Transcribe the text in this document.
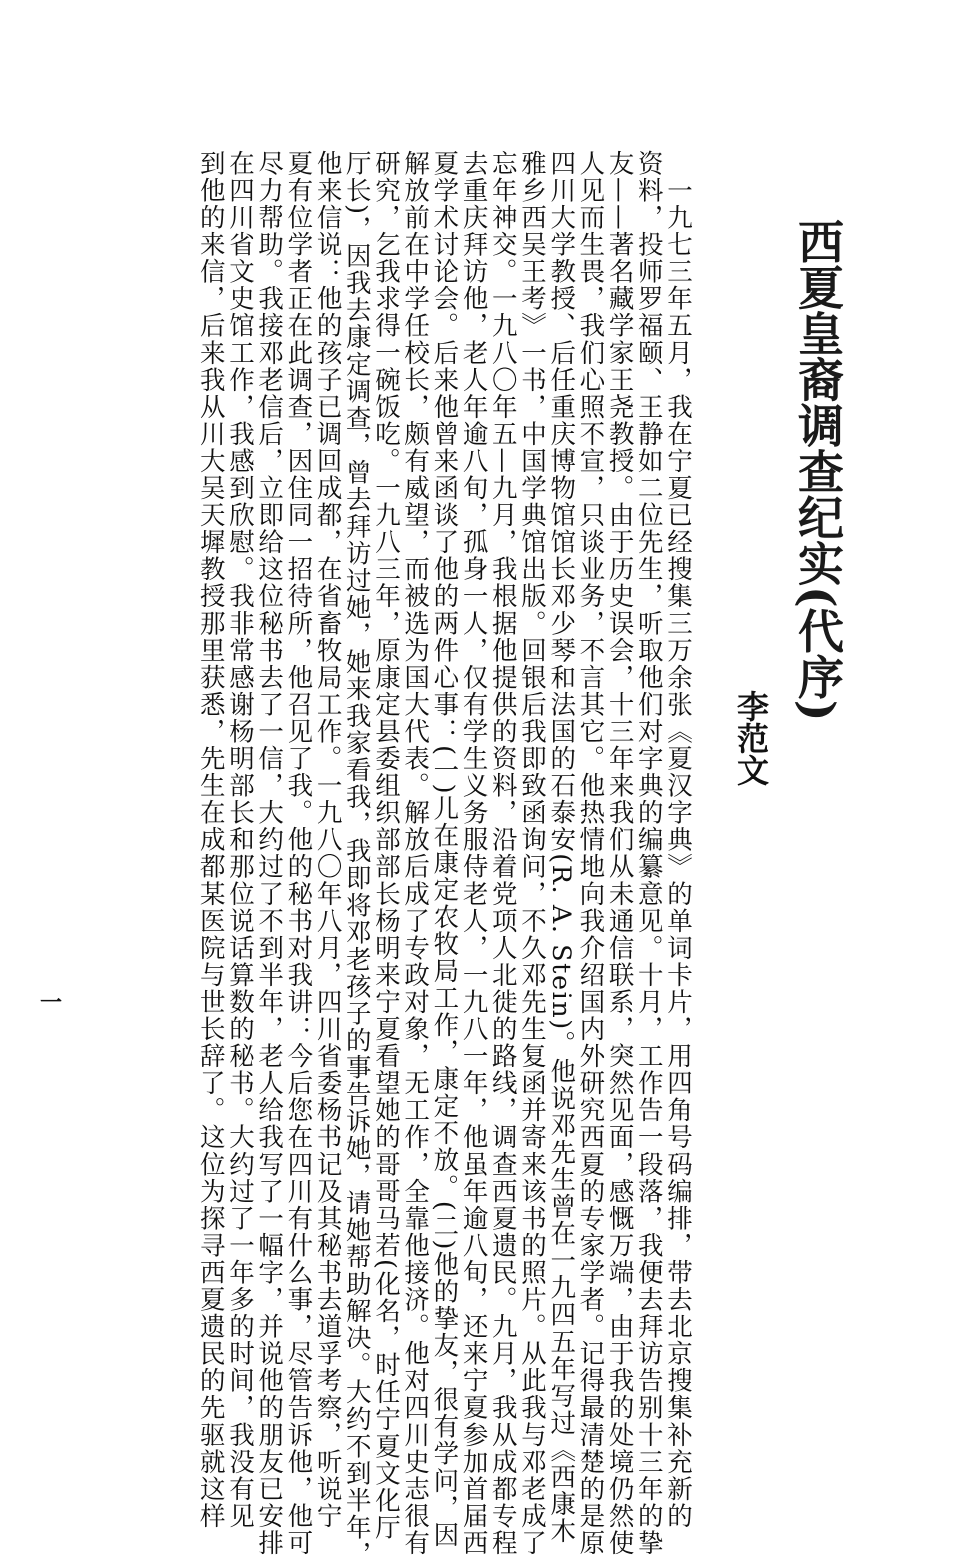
西夏皇裔调查纪实(代序)
李范文
　一九七三年五月，我在宁夏已经搜集三万余张《夏汉字典》的单词卡片，用四角号码编排，带去北京搜集补充新的
资料，投师罗福颐、王静如二位先生，听取他们对字典的编纂意见。十月，工作告一段落，我便去拜访告别十三年的挚
友——著名藏学家王尧教授。由于历史误会，十三年来我们从未通信联系，突然见面，感慨万端，由于我的处境仍然使
人见而生畏，我们心照不宣，只谈业务，不言其它。他热情地向我介绍国内外研究西夏的专家学者。记得最清楚的是原
四川大学教授、后任重庆博物馆馆长邓少琴和法国的石泰安(R. A. Stein)。他说邓先生曾在一九四五年写过《西康木
雅乡西吴王考》一书，中国学典馆出版。回银后我即致函询问，不久邓先生复函并寄来该书的照片。从此我与邓老成了
忘年神交。一九八〇年五—九月，我根据他提供的资料，沿着党项人北徙的路线，调查西夏遗民。九月，我从成都专程
去重庆拜访他，老人年逾八旬，孤身一人，仅有学生义务服侍老人，一九八一年，他虽年逾八旬，还来宁夏参加首届西
夏学术讨论会。后来他曾来函谈了他的两件心事：(一)儿在康定农牧局工作，康定不放。(二)他的挚友，很有学问，因
解放前在中学任校长，颇有威望，而被选为国大代表。解放后成了专政对象，无工作，全靠他接济。他对四川史志很有
研究，乞我求得一碗饭吃。一九八三年，原康定县委组织部部长杨明来宁夏看望她的哥哥马若(化名，时任宁夏文化厅
厅长)，因我去康定调查，曾去拜访过她，她来我家看我，我即将邓老孩子的事告诉她，请她帮助解决。大约不到半年，
他来信说：他的孩子已调回成都，在省畜牧局工作。一九八〇年八月，四川省委杨书记及其秘书去道孚考察，听说宁
夏有位学者正在此调查，因住同一招待所，他召见了我。他的秘书对我讲：今后您在四川有什么事，尽管告诉他，他可
尽力帮助。我接邓老信后，立即给这位秘书去了一信，大约过了不到半年，老人给我写了一幅字，并说他的朋友已安排
在四川省文史馆工作，我感到欣慰。我非常感谢杨明部长和那位说话算数的秘书。大约过了一年多的时间，我没有见
到他的来信，后来我从川大吴天墀教授那里获悉，先生在成都某医院与世长辞了。这位为探寻西夏遗民的先驱就这样
一
